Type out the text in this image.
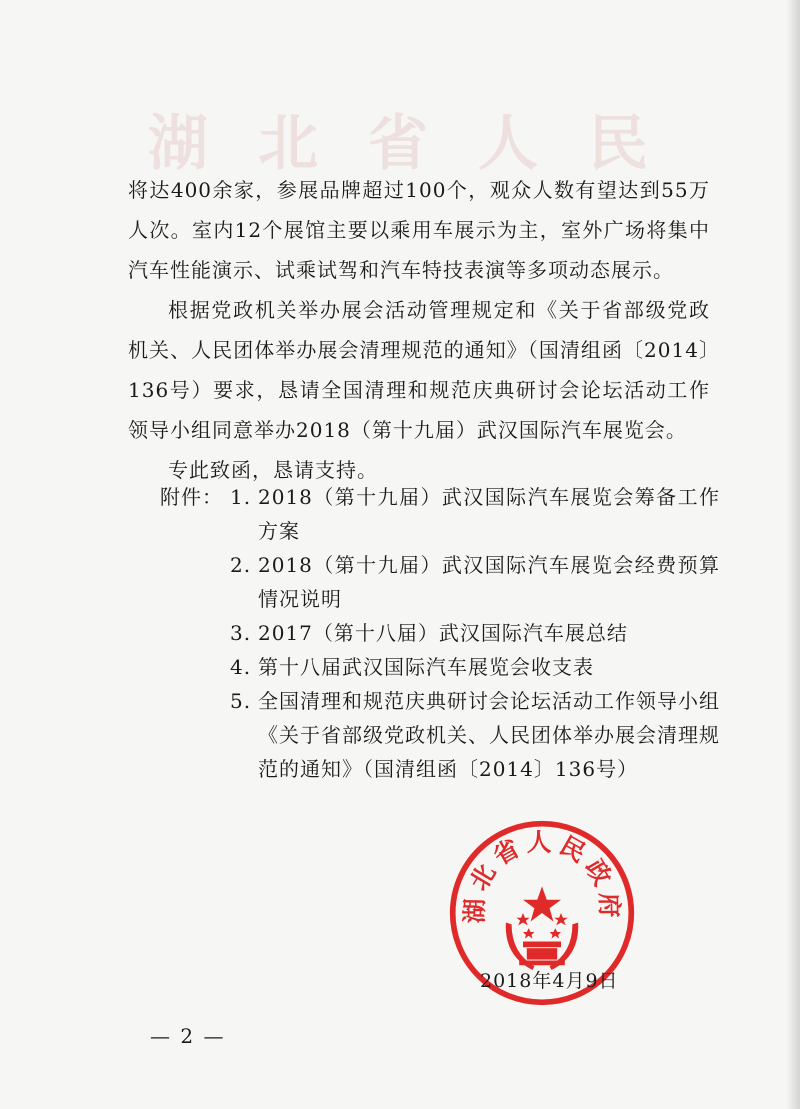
湖北省人民

将达400余家，参展品牌超过100个，观众人数有望达到55万人次。室内12个展馆主要以乘用车展示为主，室外广场将集中汽车性能演示、试乘试驾和汽车特技表演等多项动态展示。

根据党政机关举办展会活动管理规定和《关于省部级党政机关、人民团体举办展会清理规范的通知》（国清组函〔2014〕136号）要求，恳请全国清理和规范庆典研讨会论坛活动工作领导小组同意举办2018（第十九届）武汉国际汽车展览会。

专此致函，恳请支持。

附件： 1. 2018（第十九届）武汉国际汽车展览会筹备工作方案
2. 2018（第十九届）武汉国际汽车展览会经费预算情况说明
3. 2017（第十八届）武汉国际汽车展总结
4. 第十八届武汉国际汽车展览会收支表
5. 全国清理和规范庆典研讨会论坛活动工作领导小组《关于省部级党政机关、人民团体举办展会清理规范的通知》（国清组函〔2014〕136号）
湖北省人民政府
2018年4月9日
— 2 —
